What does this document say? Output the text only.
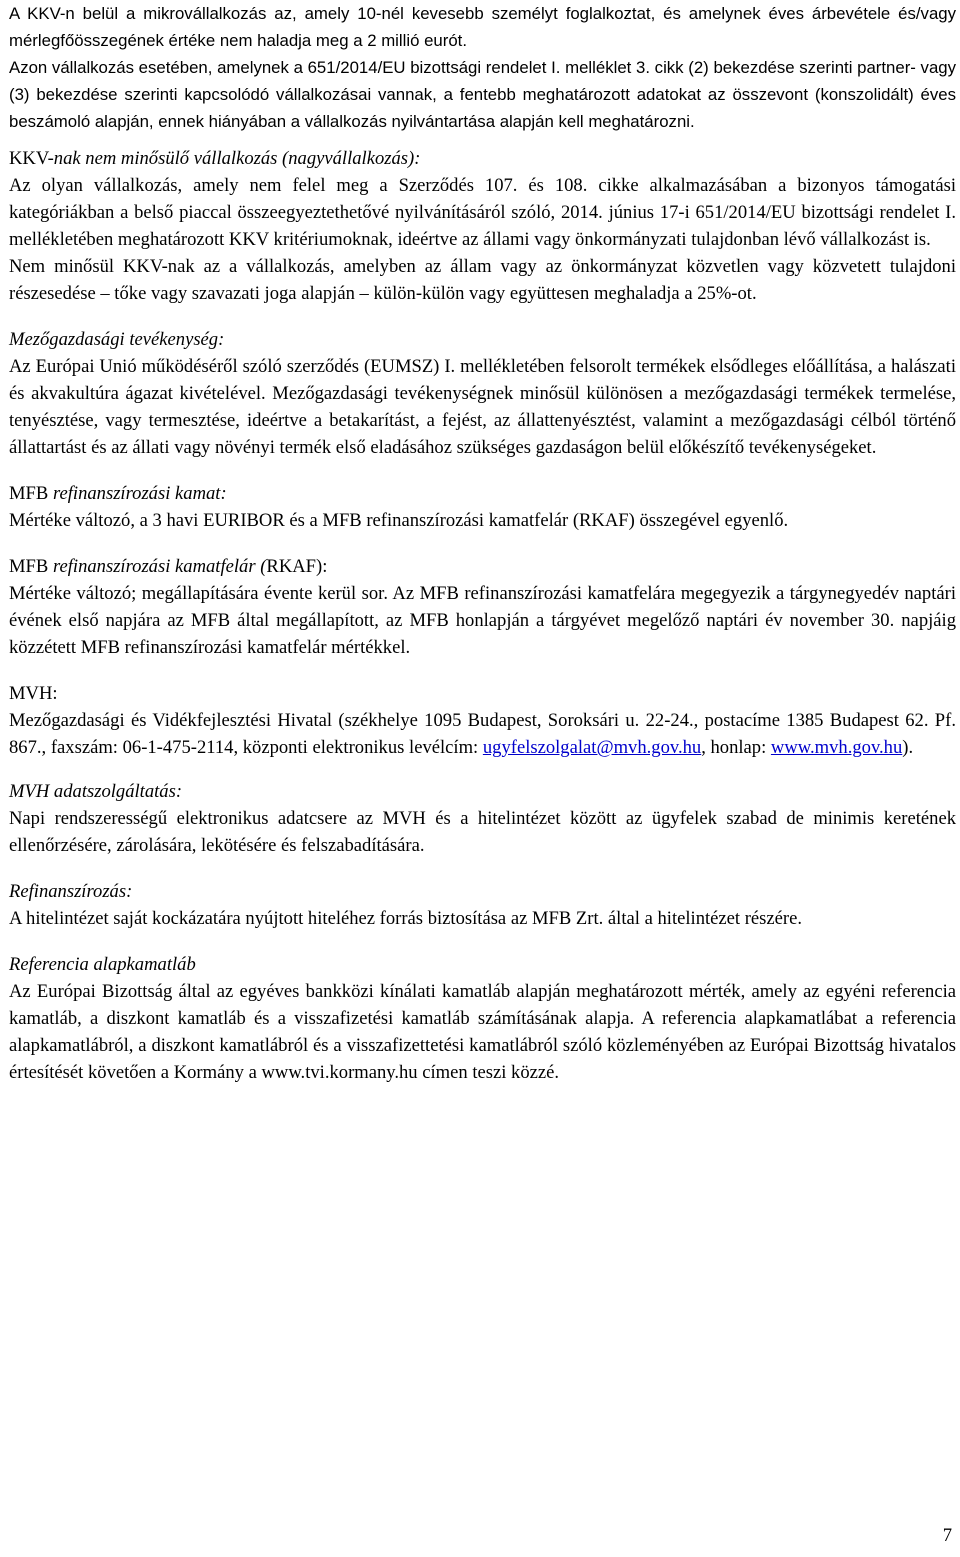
A KKV-n belül a mikrovállalkozás az, amely 10-nél kevesebb személyt foglalkoztat, és amelynek éves árbevétele és/vagy mérlegfőösszegének értéke nem haladja meg a 2 millió eurót.
Azon vállalkozás esetében, amelynek a 651/2014/EU bizottsági rendelet I. melléklet 3. cikk (2) bekezdése szerinti partner- vagy (3) bekezdése szerinti kapcsolódó vállalkozásai vannak, a fentebb meghatározott adatokat az összevont (konszolidált) éves beszámoló alapján, ennek hiányában a vállalkozás nyilvántartása alapján kell meghatározni.

KKV-nak nem minősülő vállalkozás (nagyvállalkozás):

Az olyan vállalkozás, amely nem felel meg a Szerződés 107. és 108. cikke alkalmazásában a bizonyos támogatási kategóriákban a belső piaccal összeegyeztethetővé nyilvánításáról szóló, 2014. június 17-i 651/2014/EU bizottsági rendelet I. mellékletében meghatározott KKV kritériumoknak, ideértve az állami vagy önkormányzati tulajdonban lévő vállalkozást is.

Nem minősül KKV-nak az a vállalkozás, amelyben az állam vagy az önkormányzat közvetlen vagy közvetett tulajdoni részesedése – tőke vagy szavazati joga alapján – külön-külön vagy együttesen meghaladja a 25%-ot.

Mezőgazdasági tevékenység:

Az Európai Unió működéséről szóló szerződés (EUMSZ) I. mellékletében felsorolt termékek elsődleges előállítása, a halászati és akvakultúra ágazat kivételével. Mezőgazdasági tevékenységnek minősül különösen a mezőgazdasági termékek termelése, tenyésztése, vagy termesztése, ideértve a betakarítást, a fejést, az állattenyésztést, valamint a mezőgazdasági célból történő állattartást és az állati vagy növényi termék első eladásához szükséges gazdaságon belül előkészítő tevékenységeket.

MFB refinanszírozási kamat:

Mértéke változó, a 3 havi EURIBOR és a MFB refinanszírozási kamatfelár (RKAF) összegével egyenlő.

MFB refinanszírozási kamatfelár (RKAF):

Mértéke változó; megállapítására évente kerül sor. Az MFB refinanszírozási kamatfelára megegyezik a tárgynegyedév naptári évének első napjára az MFB által megállapított, az MFB honlapján a tárgyévet megelőző naptári év november 30. napjáig közzétett MFB refinanszírozási kamatfelár mértékkel.

MVH:

Mezőgazdasági és Vidékfejlesztési Hivatal (székhelye 1095 Budapest, Soroksári u. 22-24., postacíme 1385 Budapest 62. Pf. 867., faxszám: 06-1-475-2114, központi elektronikus levélcím: ugyfelszolgalat@mvh.gov.hu, honlap: www.mvh.gov.hu).

MVH adatszolgáltatás:

Napi rendszerességű elektronikus adatcsere az MVH és a hitelintézet között az ügyfelek szabad de minimis keretének ellenőrzésére, zárolására, lekötésére és felszabadítására.

Refinanszírozás:

A hitelintézet saját kockázatára nyújtott hiteléhez forrás biztosítása az MFB Zrt. által a hitelintézet részére.

Referencia alapkamatláb

Az Európai Bizottság által az egyéves bankközi kínálati kamatláb alapján meghatározott mérték, amely az egyéni referencia kamatláb, a diszkont kamatláb és a visszafizetési kamatláb számításának alapja. A referencia alapkamatlábat a referencia alapkamatlábról, a diszkont kamatlábról és a visszafizettetési kamatlábról szóló közleményében az Európai Bizottság hivatalos értesítését követően a Kormány a www.tvi.kormany.hu címen teszi közzé.

7
